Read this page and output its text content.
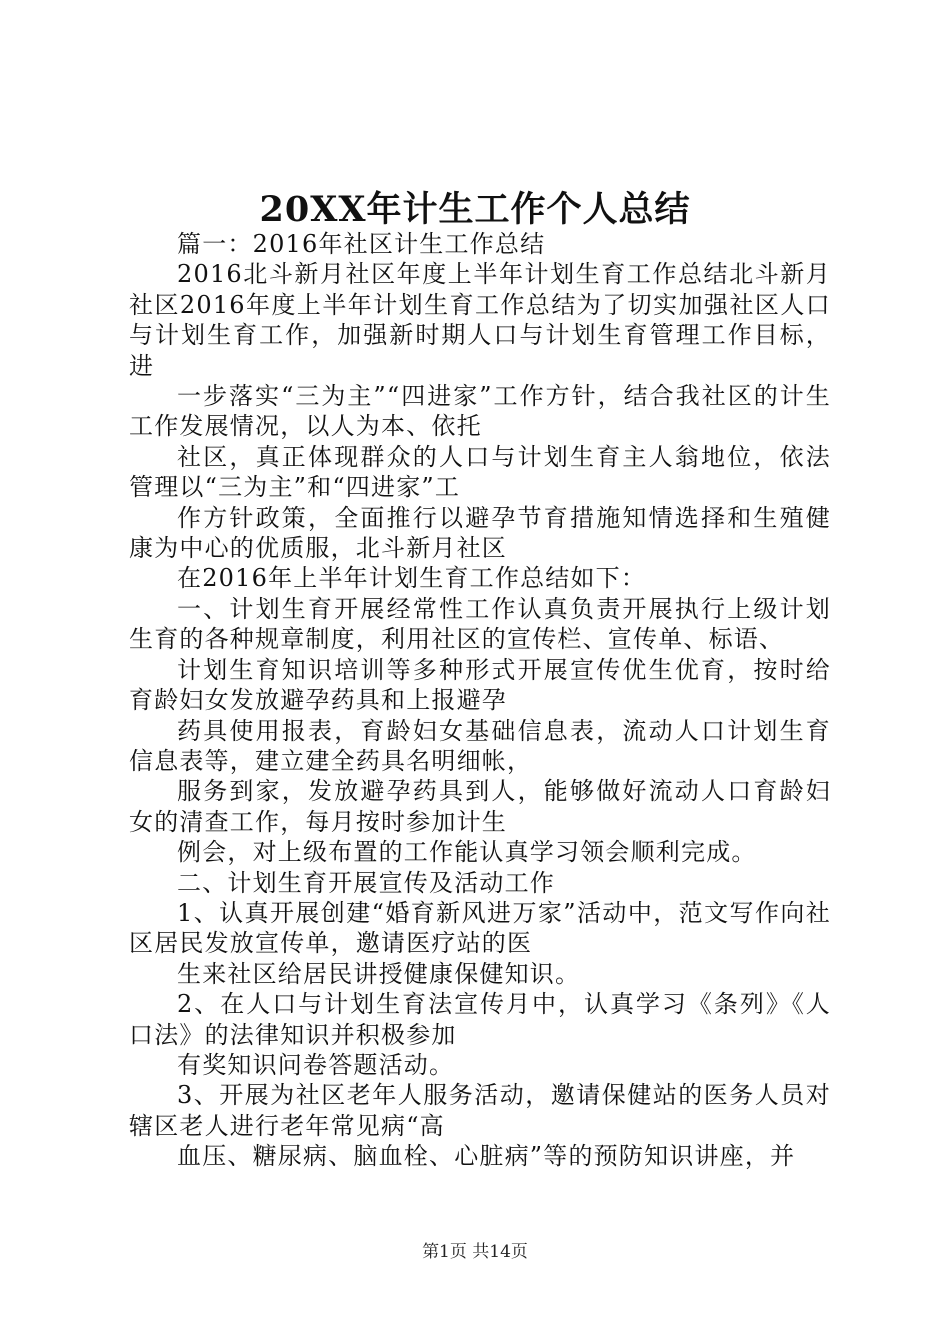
20XX年计生工作个人总结

篇一：2016年社区计生工作总结

2016北斗新月社区年度上半年计划生育工作总结北斗新月社区2016年度上半年计划生育工作总结为了切实加强社区人口与计划生育工作，加强新时期人口与计划生育管理工作目标，进

一步落实“三为主”“四进家”工作方针，结合我社区的计生工作发展情况，以人为本、依托

社区，真正体现群众的人口与计划生育主人翁地位，依法管理以“三为主”和“四进家”工

作方针政策，全面推行以避孕节育措施知情选择和生殖健康为中心的优质服，北斗新月社区

在2016年上半年计划生育工作总结如下：

一、计划生育开展经常性工作认真负责开展执行上级计划生育的各种规章制度，利用社区的宣传栏、宣传单、标语、

计划生育知识培训等多种形式开展宣传优生优育，按时给育龄妇女发放避孕药具和上报避孕

药具使用报表，育龄妇女基础信息表，流动人口计划生育信息表等，建立建全药具名明细帐，

服务到家，发放避孕药具到人，能够做好流动人口育龄妇女的清查工作，每月按时参加计生

例会，对上级布置的工作能认真学习领会顺利完成。

二、计划生育开展宣传及活动工作

1、认真开展创建“婚育新风进万家”活动中，范文写作向社区居民发放宣传单，邀请医疗站的医

生来社区给居民讲授健康保健知识。

2、在人口与计划生育法宣传月中，认真学习《条列》《人口法》的法律知识并积极参加

有奖知识问卷答题活动。

3、开展为社区老年人服务活动，邀请保健站的医务人员对辖区老人进行老年常见病“高

血压、糖尿病、脑血栓、心脏病”等的预防知识讲座，并

第1页 共14页
